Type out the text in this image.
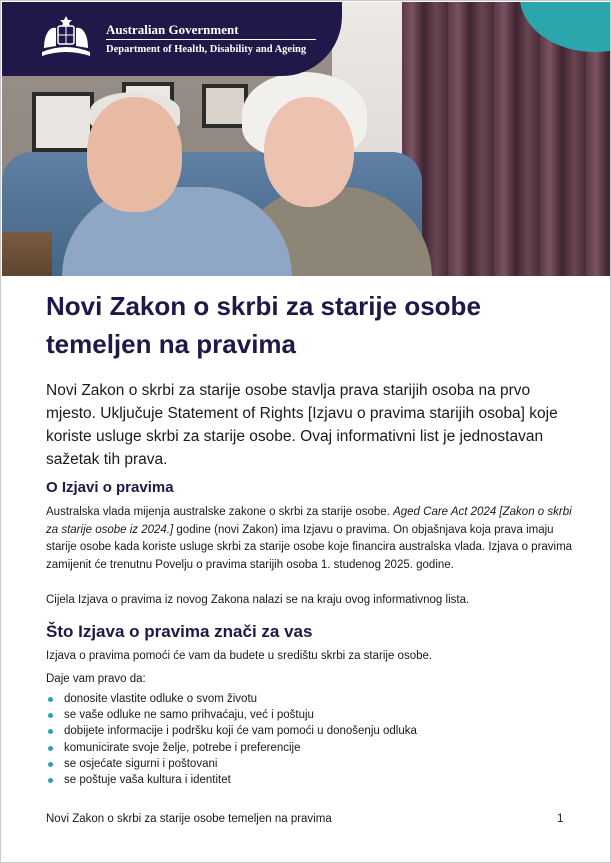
Australian Government
Department of Health, Disability and Ageing
Novi Zakon o skrbi za starije osobe temeljen na pravima

Novi Zakon o skrbi za starije osobe stavlja prava starijih osoba na prvo mjesto. Uključuje Statement of Rights [Izjavu o pravima starijih osoba] koje koriste usluge skrbi za starije osobe. Ovaj informativni list je jednostavan sažetak tih prava.

O Izjavi o pravima

Australska vlada mijenja australske zakone o skrbi za starije osobe. Aged Care Act 2024 [Zakon o skrbi za starije osobe iz 2024.] godine (novi Zakon) ima Izjavu o pravima. On objašnjava koja prava imaju starije osobe kada koriste usluge skrbi za starije osobe koje financira australska vlada. Izjava o pravima zamijenit će trenutnu Povelju o pravima starijih osoba 1. studenog 2025. godine.

Cijela Izjava o pravima iz novog Zakona nalazi se na kraju ovog informativnog lista.

Što Izjava o pravima znači za vas

Izjava o pravima pomoći će vam da budete u središtu skrbi za starije osobe.

Daje vam pravo da:

donosite vlastite odluke o svom životu
se vaše odluke ne samo prihvaćaju, već i poštuju
dobijete informacije i podršku koji će vam pomoći u donošenju odluka
komunicirate svoje želje, potrebe i preferencije
se osjećate sigurni i poštovani
se poštuje vaša kultura i identitet
Novi Zakon o skrbi za starije osobe temeljen na pravima	1
